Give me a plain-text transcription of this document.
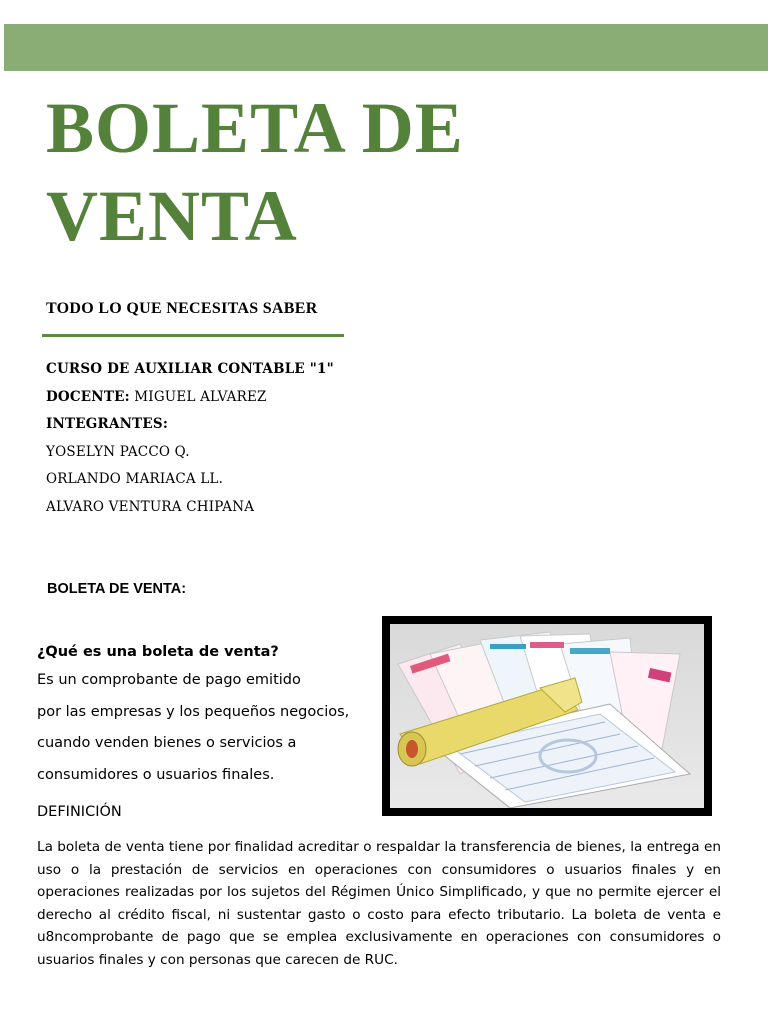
BOLETA DE
VENTA
TODO LO QUE NECESITAS SABER
CURSO DE AUXILIAR CONTABLE "1"
DOCENTE: MIGUEL ALVAREZ
INTEGRANTES:
YOSELYN PACCO Q.
ORLANDO MARIACA LL.
ALVARO VENTURA CHIPANA
BOLETA DE VENTA:
¿Qué es una boleta de venta?
Es un comprobante de pago emitido
por las empresas y los pequeños negocios,
cuando venden bienes o servicios a
consumidores o usuarios finales.
DEFINICIÓN

La boleta de venta tiene por finalidad acreditar o respaldar la transferencia de bienes, la entrega en uso o la prestación de servicios en operaciones con consumidores o usuarios finales y en operaciones realizadas por los sujetos del Régimen Único Simplificado, y que no permite ejercer el derecho al crédito fiscal, ni sustentar gasto o costo para efecto tributario. La boleta de venta e u8ncomprobante de pago que se emplea exclusivamente en operaciones con consumidores o usuarios finales y con personas que carecen de RUC.
